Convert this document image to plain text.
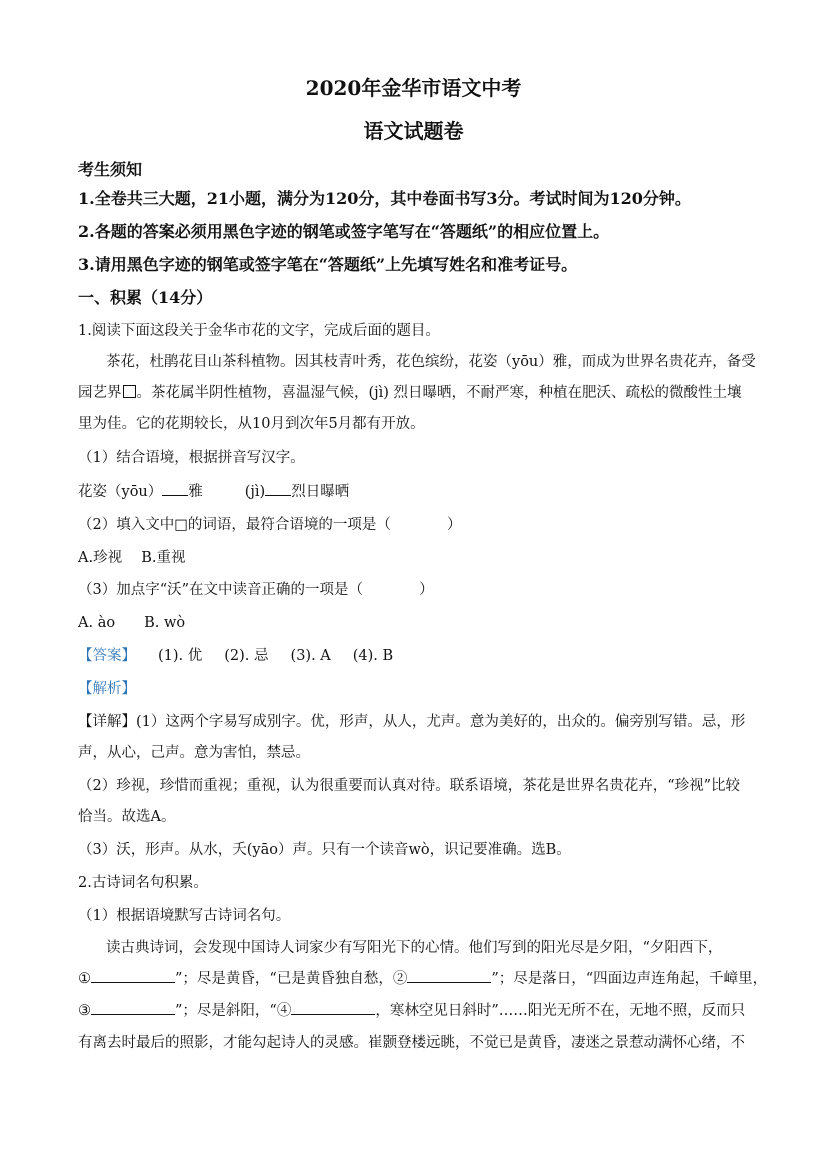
2020年金华市语文中考
语文试题卷
考生须知
1.全卷共三大题，21小题，满分为120分，其中卷面书写3分。考试时间为120分钟。
2.各题的答案必须用黑色字迹的钢笔或签字笔写在“答题纸”的相应位置上。
3.请用黑色字迹的钢笔或签字笔在“答题纸”上先填写姓名和准考证号。
一、积累（14分）
1.阅读下面这段关于金华市花的文字，完成后面的题目。
茶花，杜鹃花目山茶科植物。因其枝青叶秀，花色缤纷，花姿（yōu）雅，而成为世界名贵花卉，备受
园艺界 。茶花属半阴性植物，喜温湿气候，(jì) 烈日曝晒，不耐严寒，种植在肥沃、疏松的微酸性土壤
里为佳。它的花期较长，从10月到次年5月都有开放。
（1）结合语境，根据拼音写汉字。
花姿（yōu） 雅	(jì) 烈日曝晒
（2）填入文中□的词语，最符合语境的一项是（	）
A.珍视　 B.重视
（3）加点字“沃”在文中读音正确的一项是（	）
A. ào　　B. wò
【答案】 (1). 优 (2). 忌 (3). A (4). B
【解析】
【详解】(1）这两个字易写成别字。优，形声，从人，尤声。意为美好的，出众的。偏旁别写错。忌，形
声，从心，己声。意为害怕，禁忌。
（2）珍视，珍惜而重视；重视，认为很重要而认真对待。联系语境，茶花是世界名贵花卉，“珍视”比较
恰当。故选A。
（3）沃，形声。从水，夭(yāo）声。只有一个读音wò，识记要准确。选B。
2.古诗词名句积累。
（1）根据语境默写古诗词名句。
读古典诗词，会发现中国诗人词家少有写阳光下的心情。他们写到的阳光尽是夕阳，“夕阳西下，
①	”；尽是黄昏，“已是黄昏独自愁，②	”；尽是落日，“四面边声连角起，千嶂里，
③	”；尽是斜阳，“④	，寒林空见日斜时”……阳光无所不在，无地不照，反而只
有离去时最后的照影，才能勾起诗人的灵感。崔颢登楼远眺，不觉已是黄昏，凄迷之景惹动满怀心绪，不
